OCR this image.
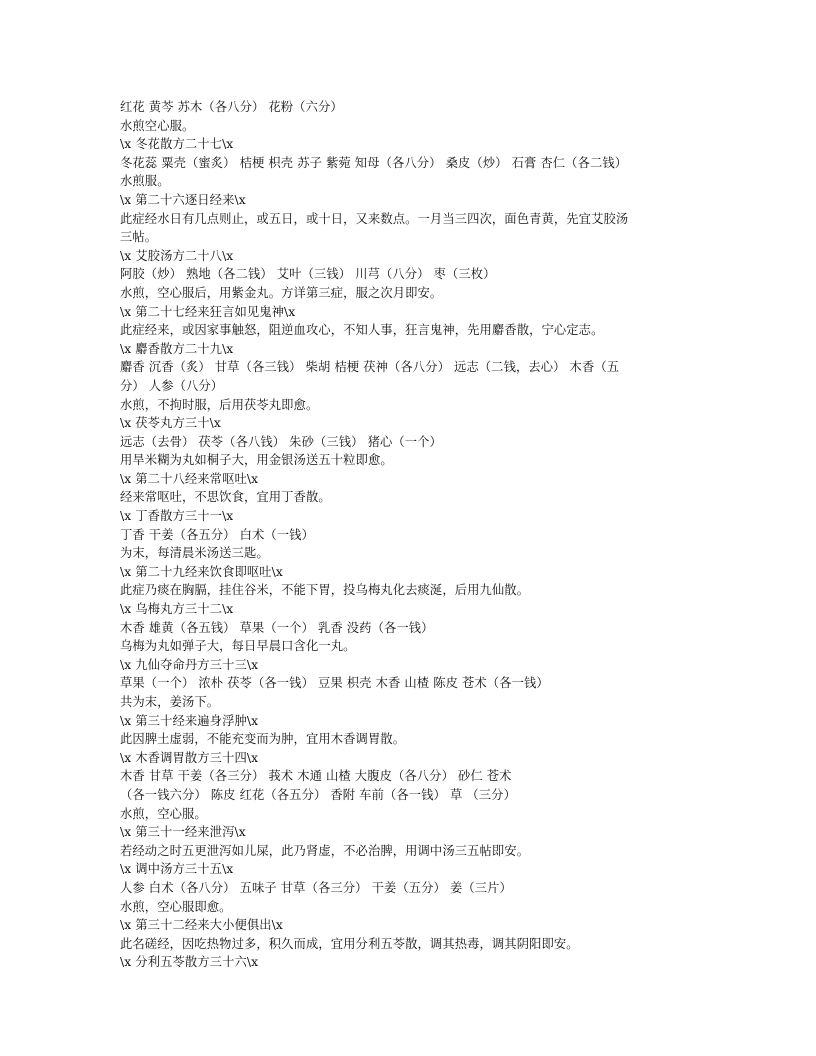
红花 黄芩 苏木（各八分） 花粉（六分）
水煎空心服。
\x 冬花散方二十七\x
冬花蕊 粟壳（蜜炙） 桔梗 枳壳 苏子 紫菀 知母（各八分） 桑皮（炒） 石膏 杏仁（各二钱）
水煎服。
\x 第二十六逐日经来\x
此症经水日有几点则止，或五日，或十日，又来数点。一月当三四次，面色青黄，先宜艾胶汤
三帖。
\x 艾胶汤方二十八\x
阿胶（炒） 熟地（各二钱） 艾叶（三钱） 川芎（八分） 枣（三枚）
水煎，空心服后，用紫金丸。方详第三症，服之次月即安。
\x 第二十七经来狂言如见鬼神\x
此症经来，或因家事触怒，阻逆血攻心，不知人事，狂言鬼神，先用麝香散，宁心定志。
\x 麝香散方二十九\x
麝香 沉香（炙） 甘草（各三钱） 柴胡 桔梗 茯神（各八分） 远志（二钱，去心） 木香（五
分） 人参（八分）
水煎，不拘时服，后用茯苓丸即愈。
\x 茯苓丸方三十\x
远志（去骨） 茯苓（各八钱） 朱砂（三钱） 猪心（一个）
用旱米糊为丸如桐子大，用金银汤送五十粒即愈。
\x 第二十八经来常呕吐\x
经来常呕吐，不思饮食，宜用丁香散。
\x 丁香散方三十一\x
丁香 干姜（各五分） 白术（一钱）
为末，每清晨米汤送三匙。
\x 第二十九经来饮食即呕吐\x
此症乃痰在胸膈，挂住谷米，不能下胃，投乌梅丸化去痰涎，后用九仙散。
\x 乌梅丸方三十二\x
木香 雄黄（各五钱） 草果（一个） 乳香 没药（各一钱）
乌梅为丸如弹子大，每日早晨口含化一丸。
\x 九仙夺命丹方三十三\x
草果（一个） 浓朴 茯苓（各一钱） 豆果 枳壳 木香 山楂 陈皮 苍术（各一钱）
共为末，姜汤下。
\x 第三十经来遍身浮肿\x
此因脾土虚弱，不能充变而为肿，宜用木香调胃散。
\x 木香调胃散方三十四\x
木香 甘草 干姜（各三分） 莪术 木通 山楂 大腹皮（各八分） 砂仁 苍术
（各一钱六分） 陈皮 红花（各五分） 香附 车前（各一钱） 草 （三分）
水煎，空心服。
\x 第三十一经来泄泻\x
若经动之时五更泄泻如儿屎，此乃肾虚，不必治脾，用调中汤三五帖即安。
\x 调中汤方三十五\x
人参 白术（各八分） 五味子 甘草（各三分） 干姜（五分） 姜（三片）
水煎，空心服即愈。
\x 第三十二经来大小便俱出\x
此名磋经，因吃热物过多，积久而成，宜用分利五苓散，调其热毒，调其阴阳即安。
\x 分利五苓散方三十六\x
